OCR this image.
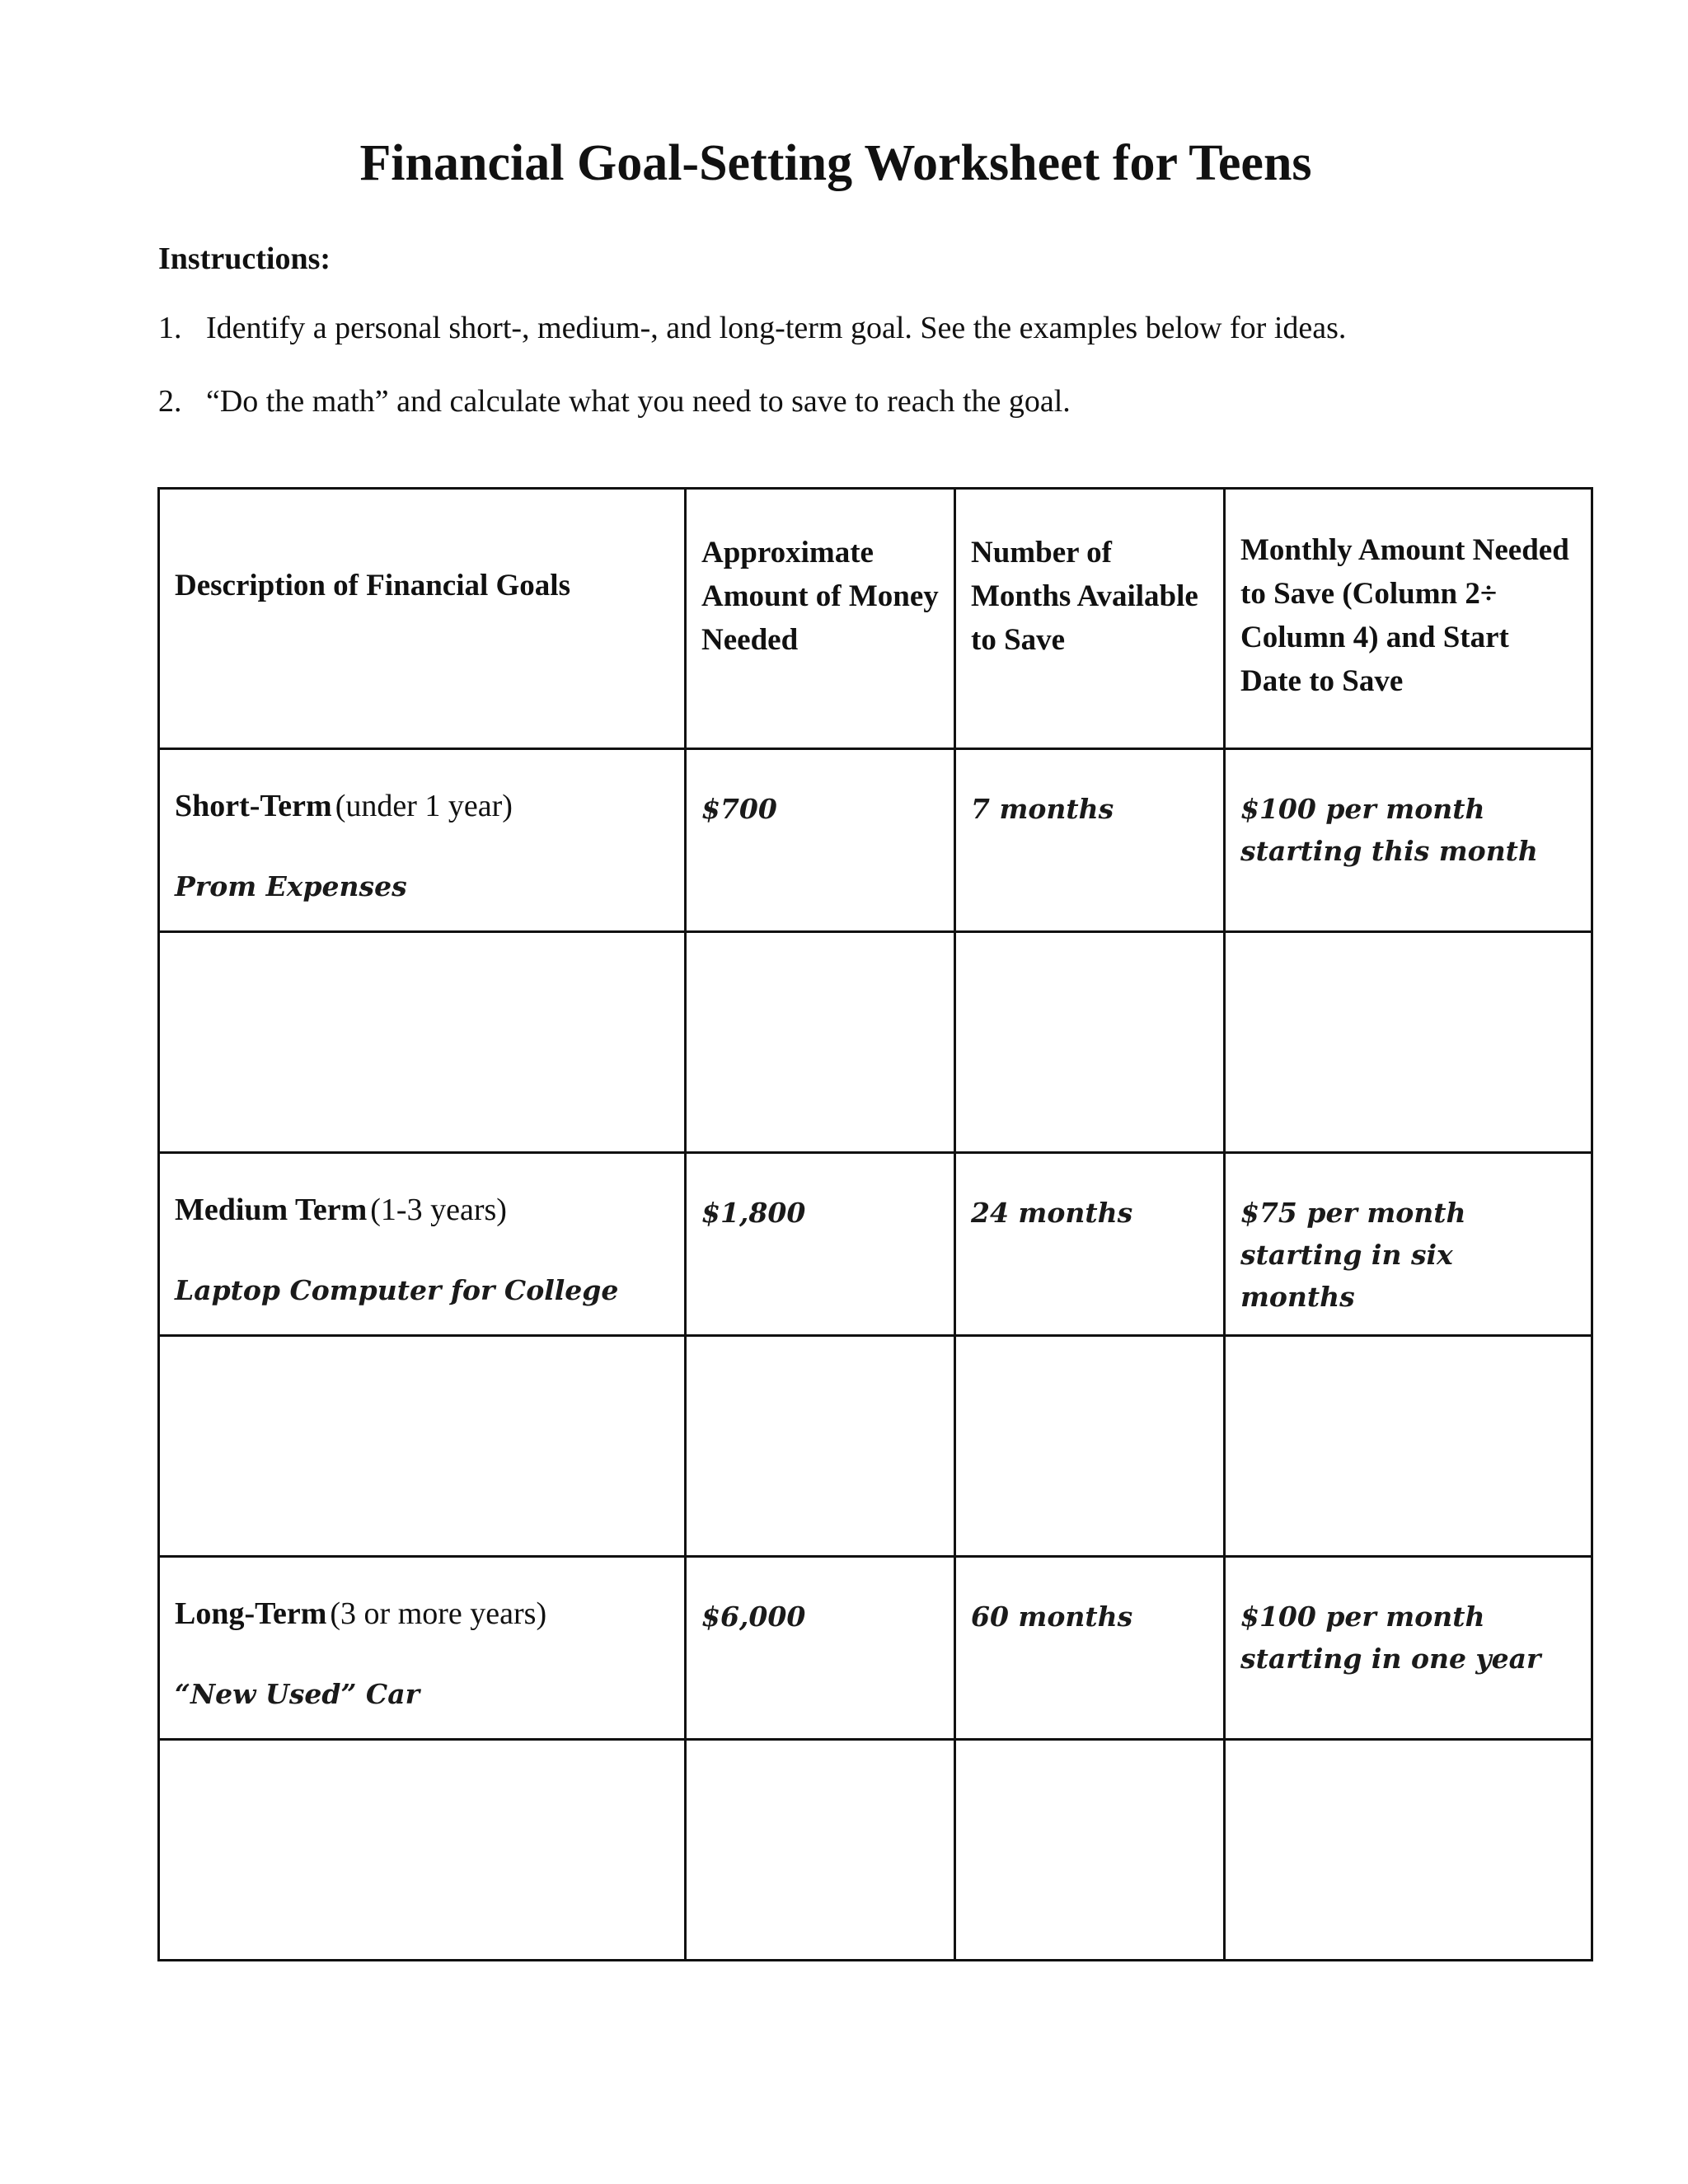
Financial Goal-Setting Worksheet for Teens
Instructions:
1. Identify a personal short-, medium-, and long-term goal. See the examples below for ideas.
2. “Do the math” and calculate what you need to save to reach the goal.
Description of Financial Goals	Approximate Amount of Money Needed	Number of Months Available to Save	Monthly Amount Needed to Save (Column 2÷ Column 4) and Start Date to Save

Short-Term (under 1 year)
Prom Expenses	$700	7 months	$100 per month starting this month

Medium Term (1-3 years)
Laptop Computer for College	$1,800	24 months	$75 per month starting in six months

Long-Term (3 or more years)
“New Used” Car	$6,000	60 months	$100 per month starting in one year
